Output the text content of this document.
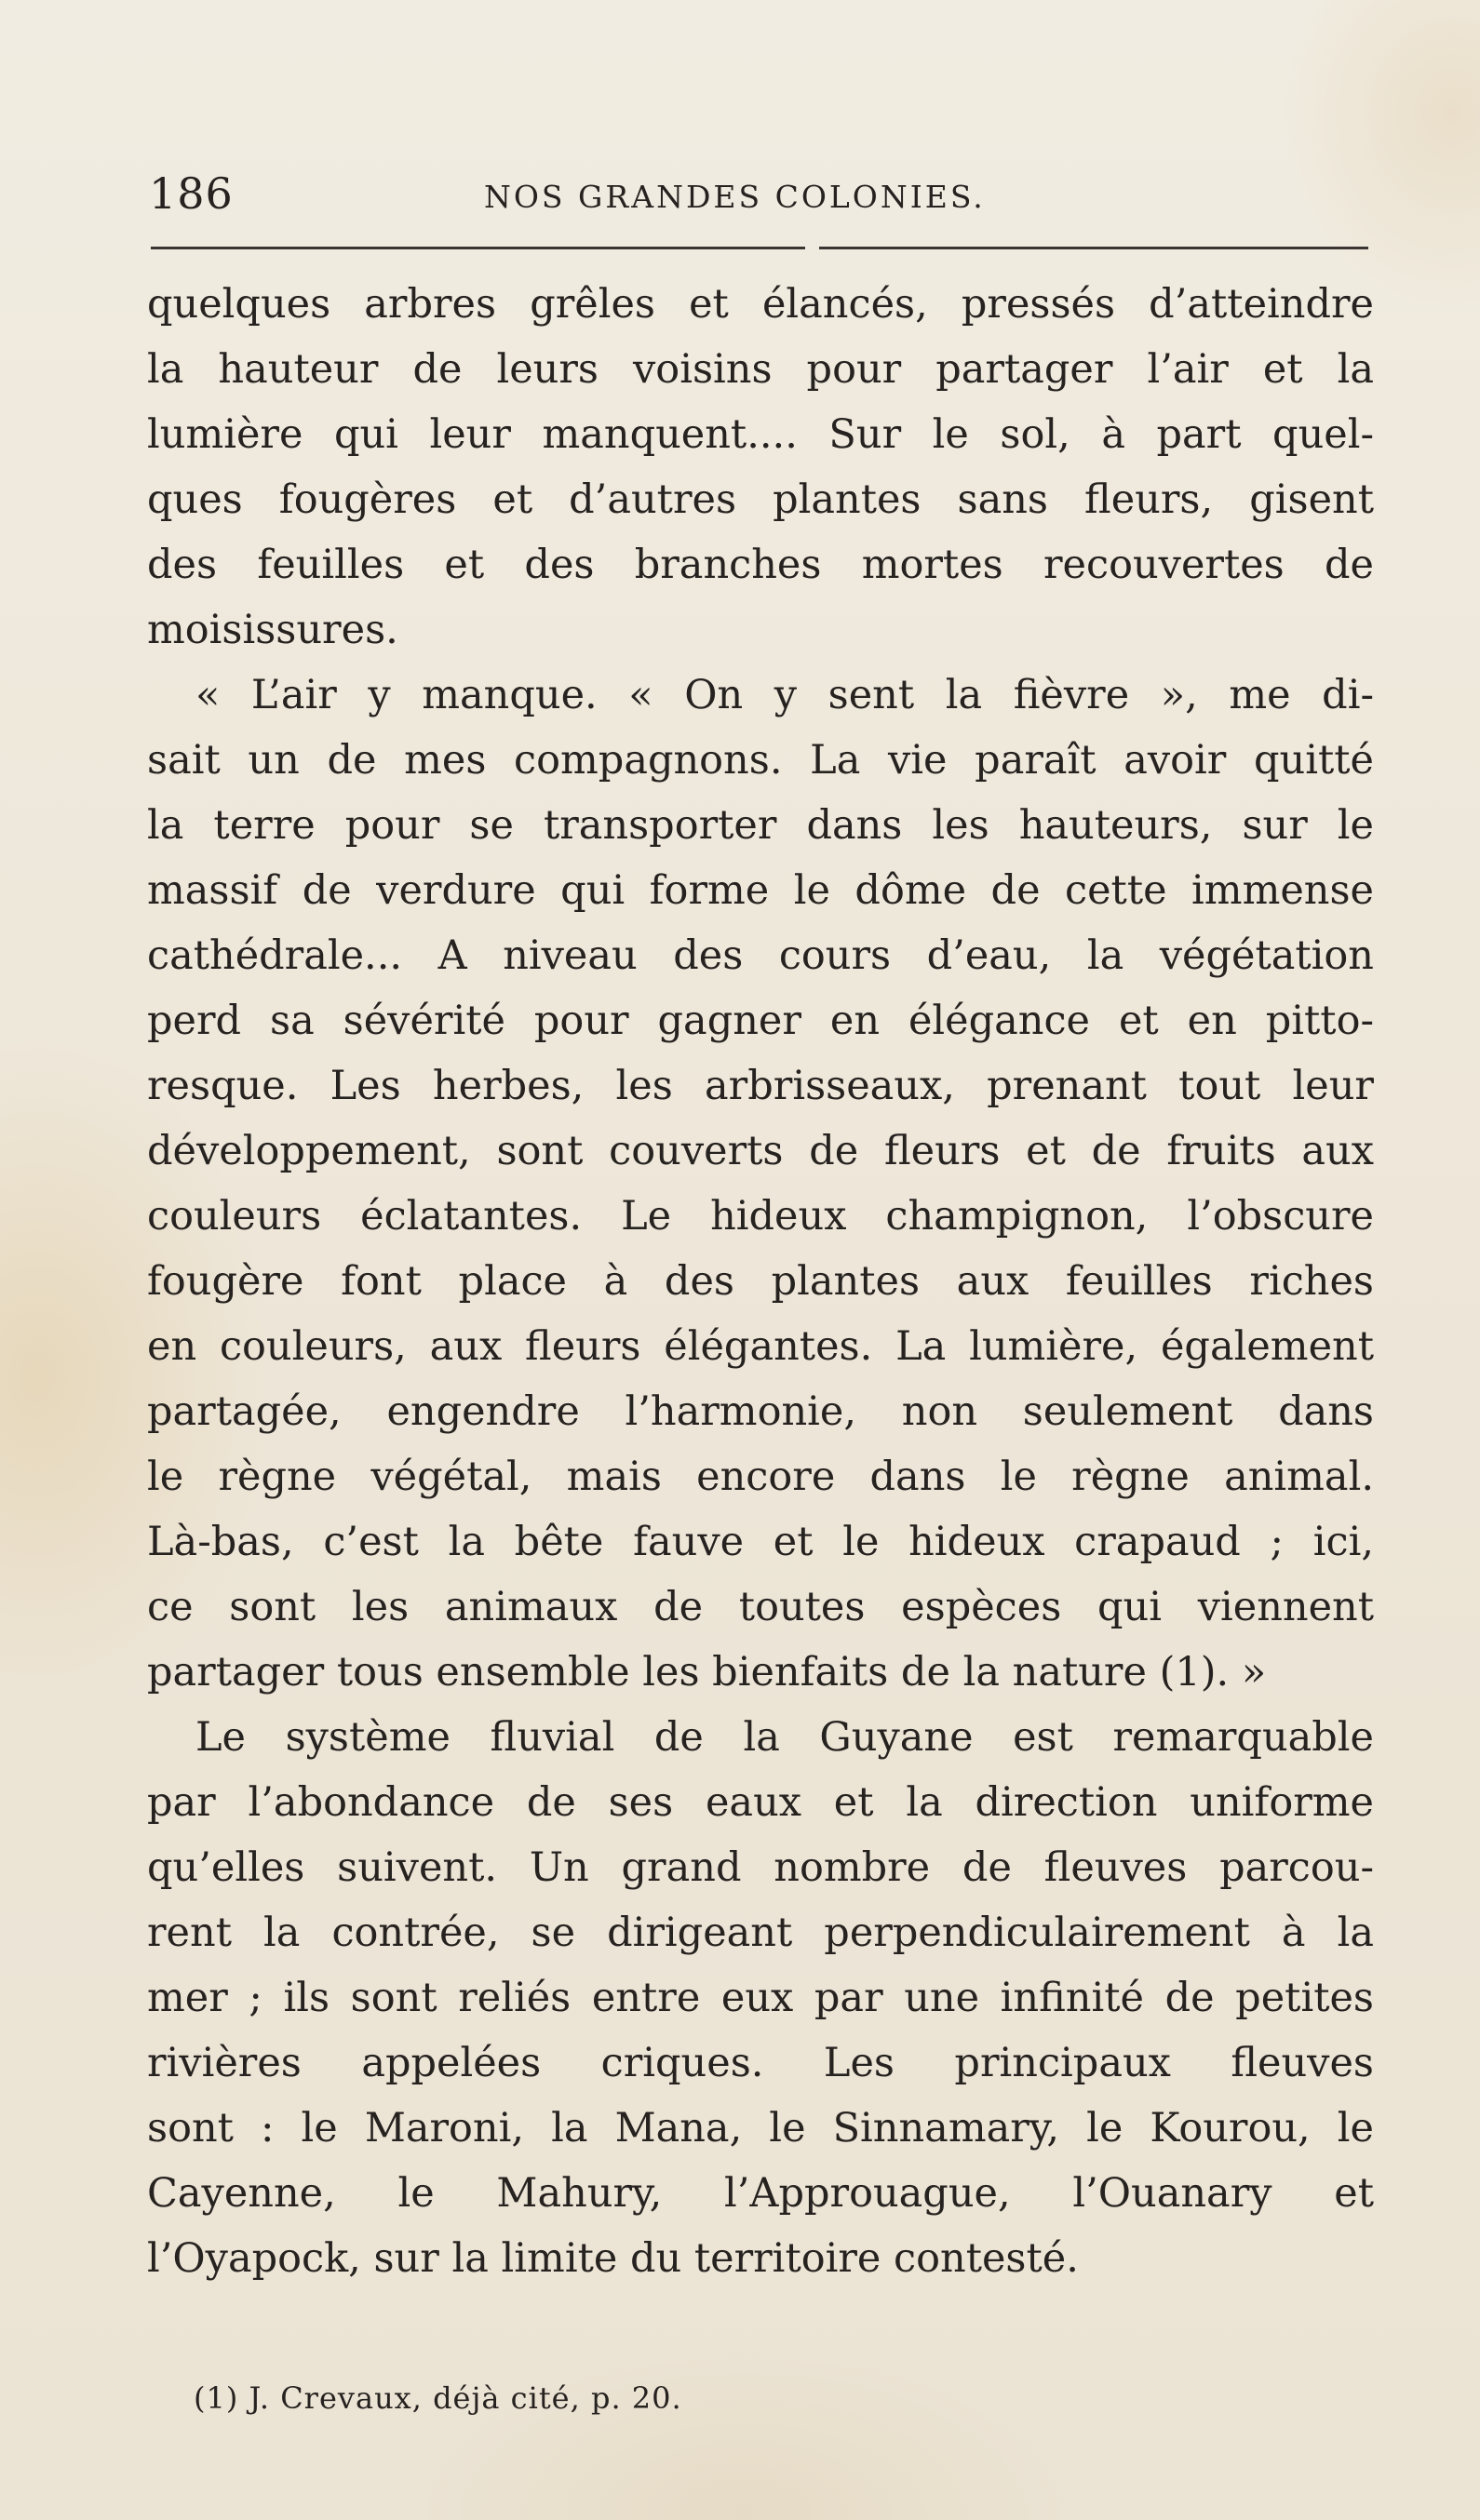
186	NOS GRANDES COLONIES.
quelques arbres grêles et élancés, pressés d’atteindre
la hauteur de leurs voisins pour partager l’air et la
lumière qui leur manquent.... Sur le sol, à part quel-
ques fougères et d’autres plantes sans fleurs, gisent
des feuilles et des branches mortes recouvertes de
moisissures.
« L’air y manque. « On y sent la fièvre », me di-
sait un de mes compagnons. La vie paraît avoir quitté
la terre pour se transporter dans les hauteurs, sur le
massif de verdure qui forme le dôme de cette immense
cathédrale... A niveau des cours d’eau, la végétation
perd sa sévérité pour gagner en élégance et en pitto-
resque. Les herbes, les arbrisseaux, prenant tout leur
développement, sont couverts de fleurs et de fruits aux
couleurs éclatantes. Le hideux champignon, l’obscure
fougère font place à des plantes aux feuilles riches
en couleurs, aux fleurs élégantes. La lumière, également
partagée, engendre l’harmonie, non seulement dans
le règne végétal, mais encore dans le règne animal.
Là-bas, c’est la bête fauve et le hideux crapaud ; ici,
ce sont les animaux de toutes espèces qui viennent
partager tous ensemble les bienfaits de la nature (1). »
Le système fluvial de la Guyane est remarquable
par l’abondance de ses eaux et la direction uniforme
qu’elles suivent. Un grand nombre de fleuves parcou-
rent la contrée, se dirigeant perpendiculairement à la
mer ; ils sont reliés entre eux par une infinité de petites
rivières appelées criques. Les principaux fleuves
sont : le Maroni, la Mana, le Sinnamary, le Kourou, le
Cayenne, le Mahury, l’Approuague, l’Ouanary et
l’Oyapock, sur la limite du territoire contesté.
(1) J. Crevaux, déjà cité, p. 20.
